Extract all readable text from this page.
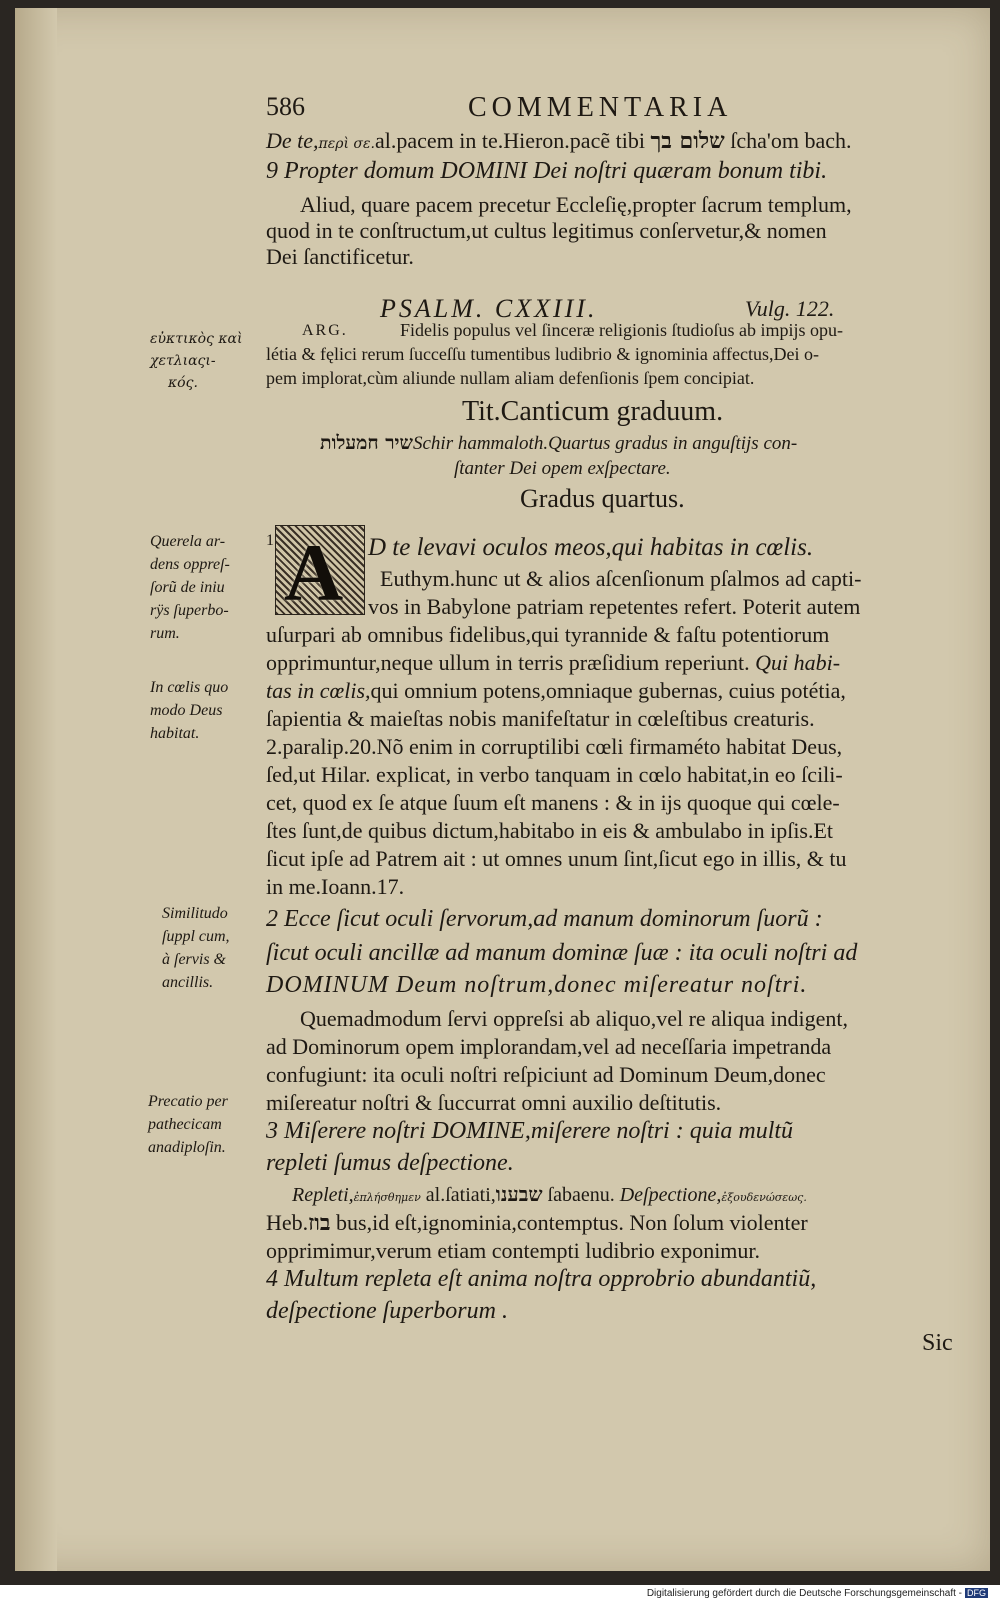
586	COMMENTARIA
De te,περὶ σε.al.pacem in te.Hieron.pacẽ tibi שלום בך ſcha'om bach.
9 Propter domum DOMINI Dei noſtri quæram bonum tibi.
Aliud, quare pacem precetur Eccleſię,propter ſacrum templum,
quod in te conſtructum,ut cultus legitimus conſervetur,& nomen
Dei ſanctificetur.
PSALM. CXXIII.	Vulg. 122.
ARG.	Fidelis populus vel ſinceræ religionis ſtudioſus ab impijs opu-
létia & fęlici rerum ſucceſſu tumentibus ludibrio & ignominia affectus,Dei o-
pem implorat,cùm aliunde nullam aliam defenſionis ſpem concipiat.
Tit.Canticum graduum.
שיר חמעלותSchir hammaloth.Quartus gradus in anguſtijs con-
ſtanter Dei opem exſpectare.
Gradus quartus.
εὐκτικὸς καὶ
χετλιαςι-
κός.
Querela ar-
dens oppreſ-
ſorũ de iniu
rÿs ſuperbo-
rum.
In cœlis quo
modo Deus
habitat.
Similitudo
ſuppl cum,
à ſervis &
ancillis.
Precatio per
pathecicam
anadiploſin.
1 A D te levavi oculos meos,qui habitas in cœlis.
Euthym.hunc ut & alios aſcenſionum pſalmos ad capti-
vos in Babylone patriam repetentes refert. Poterit autem
uſurpari ab omnibus fidelibus,qui tyrannide & faſtu potentiorum
opprimuntur,neque ullum in terris præſidium reperiunt. Qui habi-
tas in cœlis,qui omnium potens,omniaque gubernas, cuius potétia,
ſapientia & maieſtas nobis manifeſtatur in cœleſtibus creaturis.
2.paralip.20.Nõ enim in corruptilibi cœli firmaméto habitat Deus,
ſed,ut Hilar. explicat, in verbo tanquam in cœlo habitat,in eo ſcili-
cet, quod ex ſe atque ſuum eſt manens : & in ijs quoque qui cœle-
ſtes ſunt,de quibus dictum,habitabo in eis & ambulabo in ipſis.Et
ſicut ipſe ad Patrem ait : ut omnes unum ſint,ſicut ego in illis, & tu
in me.Ioann.17.
2 Ecce ſicut oculi ſervorum,ad manum dominorum ſuorũ :
ſicut oculi ancillæ ad manum dominæ ſuæ : ita oculi noſtri ad
DOMINUM Deum noſtrum,donec miſereatur noſtri.
Quemadmodum ſervi oppreſsi ab aliquo,vel re aliqua indigent,
ad Dominorum opem implorandam,vel ad neceſſaria impetranda
confugiunt: ita oculi noſtri reſpiciunt ad Dominum Deum,donec
miſereatur noſtri & ſuccurrat omni auxilio deſtitutis.
3 Miſerere noſtri DOMINE,miſerere noſtri : quia multũ
repleti ſumus deſpectione.
Repleti,ἐπλήσθημεν al.ſatiati,שבענו ſabaenu. Deſpectione,ἐξουδενώσεως.
Heb.בוז bus,id eſt,ignominia,contemptus. Non ſolum violenter
opprimimur,verum etiam contempti ludibrio exponimur.
4 Multum repleta eſt anima noſtra opprobrio abundantiũ,
deſpectione ſuperborum .
Sic
Digitalisierung gefördert durch die Deutsche Forschungsgemeinschaft - DFG
